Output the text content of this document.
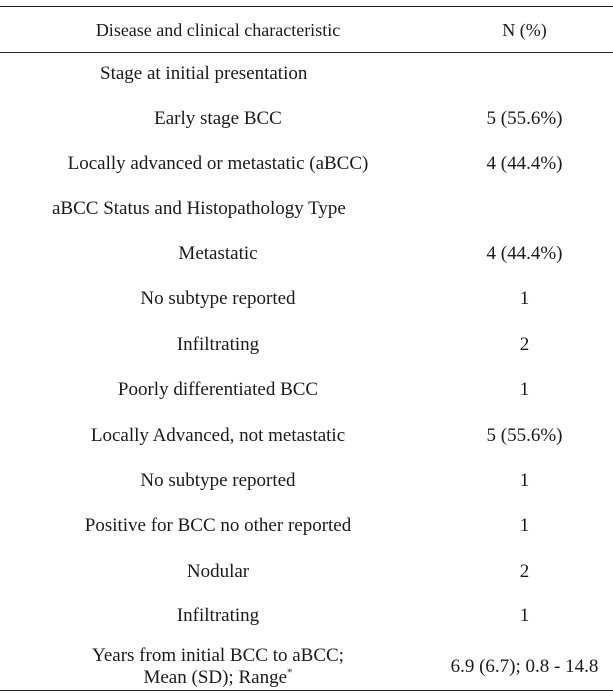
Disease and clinical characteristic	N (%)
Stage at initial presentation
Early stage BCC	5 (55.6%)
Locally advanced or metastatic (aBCC)	4 (44.4%)
aBCC Status and Histopathology Type
Metastatic	4 (44.4%)
No subtype reported	1
Infiltrating	2
Poorly differentiated BCC	1
Locally Advanced, not metastatic	5 (55.6%)
No subtype reported	1
Positive for BCC no other reported	1
Nodular	2
Infiltrating	1
Years from initial BCC to aBCC;
Mean (SD); Range*	6.9 (6.7); 0.8 - 14.8
